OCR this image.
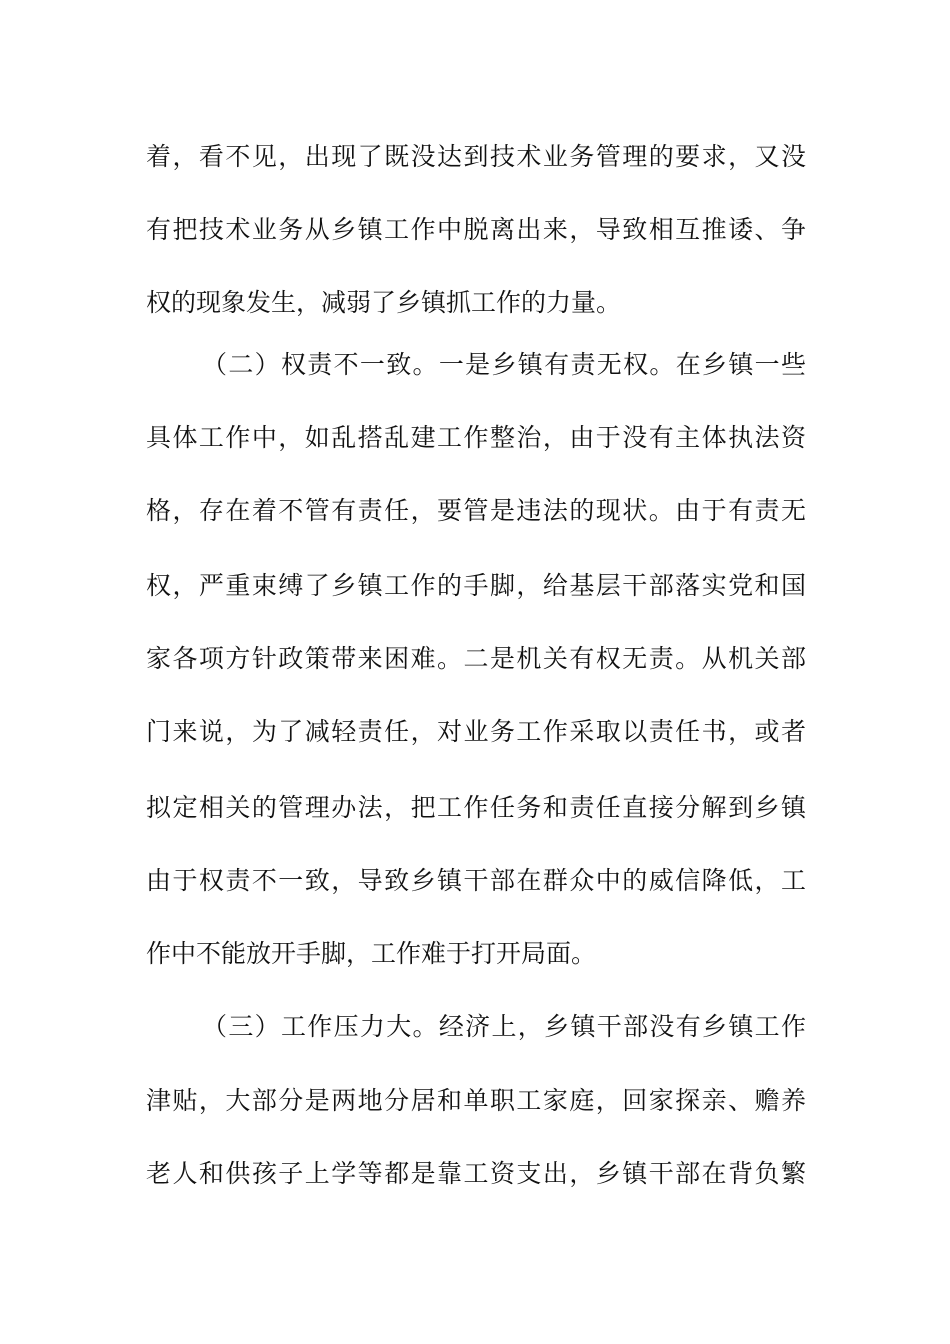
着，看不见，出现了既没达到技术业务管理的要求，又没
有把技术业务从乡镇工作中脱离出来，导致相互推诿、争
权的现象发生，减弱了乡镇抓工作的力量。
（二）权责不一致。一是乡镇有责无权。在乡镇一些
具体工作中，如乱搭乱建工作整治，由于没有主体执法资
格，存在着不管有责任，要管是违法的现状。由于有责无
权，严重束缚了乡镇工作的手脚，给基层干部落实党和国
家各项方针政策带来困难。二是机关有权无责。从机关部
门来说，为了减轻责任，对业务工作采取以责任书，或者
拟定相关的管理办法，把工作任务和责任直接分解到乡镇
由于权责不一致，导致乡镇干部在群众中的威信降低，工
作中不能放开手脚，工作难于打开局面。
（三）工作压力大。经济上，乡镇干部没有乡镇工作
津贴，大部分是两地分居和单职工家庭，回家探亲、赡养
老人和供孩子上学等都是靠工资支出，乡镇干部在背负繁
